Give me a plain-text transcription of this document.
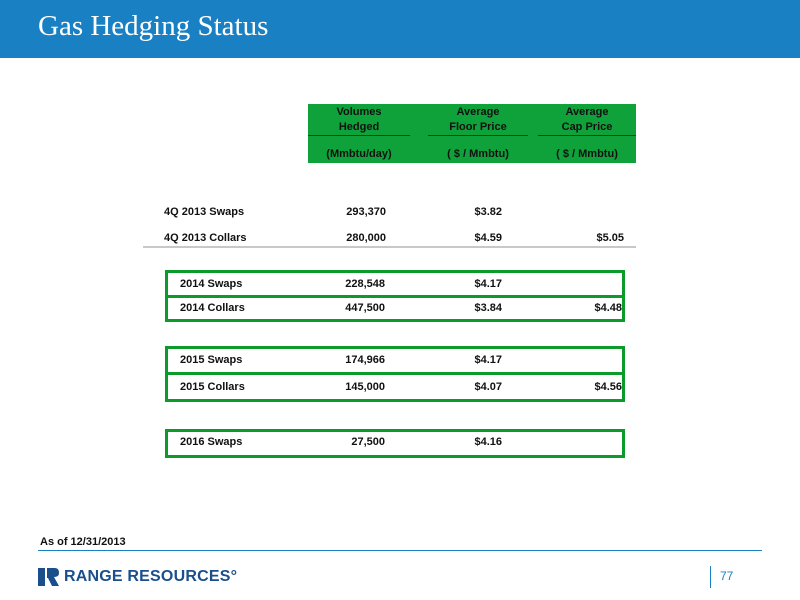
Gas Hedging Status
Volumes
Hedged
(Mmbtu/day)
Average
Floor Price
( $ / Mmbtu)
Average
Cap Price
( $ / Mmbtu)
4Q 2013 Swaps	293,370	$3.82
4Q 2013 Collars	280,000	$4.59	$5.05
2014 Swaps	228,548	$4.17
2014 Collars	447,500	$3.84	$4.48
2015 Swaps	174,966	$4.17
2015 Collars	145,000	$4.07	$4.56
2016 Swaps	27,500	$4.16
As of 12/31/2013
RANGE RESOURCES°	77
